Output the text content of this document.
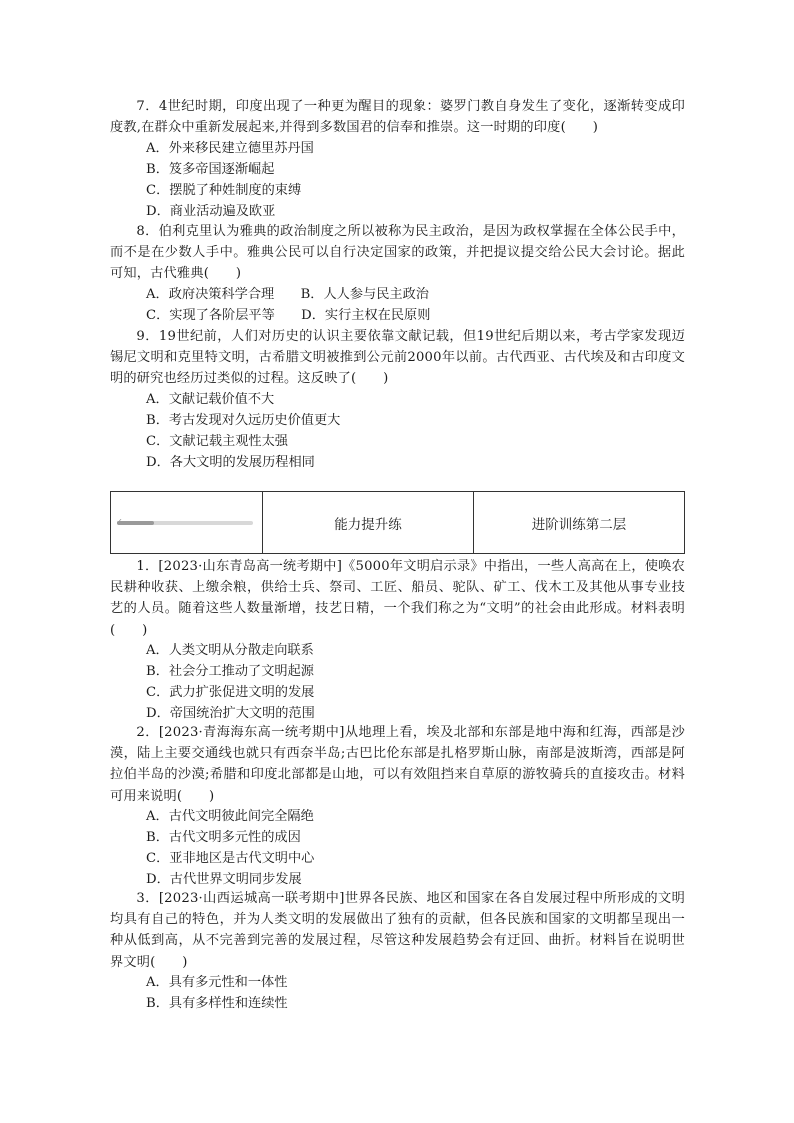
7．4世纪时期，印度出现了一种更为醒目的现象：婆罗门教自身发生了变化，逐渐转变成印度教,在群众中重新发展起来,并得到多数国君的信奉和推崇。这一时期的印度(　　)

A．外来移民建立德里苏丹国

B．笈多帝国逐渐崛起

C．摆脱了种姓制度的束缚

D．商业活动遍及欧亚

8．伯利克里认为雅典的政治制度之所以被称为民主政治，是因为政权掌握在全体公民手中，而不是在少数人手中。雅典公民可以自行决定国家的政策，并把提议提交给公民大会讨论。据此可知，古代雅典(　　)

A．政府决策科学合理　　B．人人参与民主政治

C．实现了各阶层平等　　D．实行主权在民原则

9．19世纪前，人们对历史的认识主要依靠文献记载，但19世纪后期以来，考古学家发现迈锡尼文明和克里特文明，古希腊文明被推到公元前2000年以前。古代西亚、古代埃及和古印度文明的研究也经历过类似的过程。这反映了(　　)

A．文献记载价值不大

B．考古发现对久远历史价值更大

C．文献记载主观性太强

D．各大文明的发展历程相同

能力提升练	进阶训练第二层

1．[2023·山东青岛高一统考期中]《5000年文明启示录》中指出，一些人高高在上，使唤农民耕种收获、上缴余粮，供给士兵、祭司、工匠、船员、驼队、矿工、伐木工及其他从事专业技艺的人员。随着这些人数量渐增，技艺日精，一个我们称之为“文明”的社会由此形成。材料表明(　　)

A．人类文明从分散走向联系

B．社会分工推动了文明起源

C．武力扩张促进文明的发展

D．帝国统治扩大文明的范围

2．[2023·青海海东高一统考期中]从地理上看，埃及北部和东部是地中海和红海，西部是沙漠，陆上主要交通线也就只有西奈半岛;古巴比伦东部是扎格罗斯山脉，南部是波斯湾，西部是阿拉伯半岛的沙漠;希腊和印度北部都是山地，可以有效阻挡来自草原的游牧骑兵的直接攻击。材料可用来说明(　　)

A．古代文明彼此间完全隔绝

B．古代文明多元性的成因

C．亚非地区是古代文明中心

D．古代世界文明同步发展

3．[2023·山西运城高一联考期中]世界各民族、地区和国家在各自发展过程中所形成的文明均具有自己的特色，并为人类文明的发展做出了独有的贡献，但各民族和国家的文明都呈现出一种从低到高，从不完善到完善的发展过程，尽管这种发展趋势会有迂回、曲折。材料旨在说明世界文明(　　)

A．具有多元性和一体性

B．具有多样性和连续性
